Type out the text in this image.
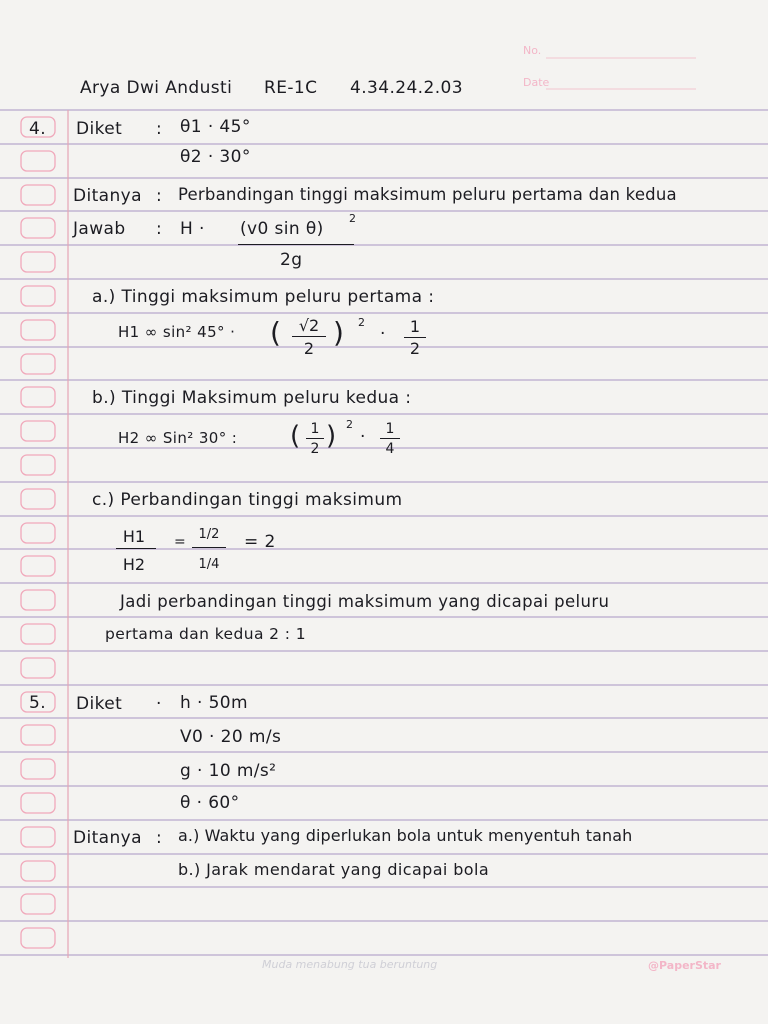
Arya Dwi Andusti RE-1C 4.34.24.2.03
No.
Date
4. Diket : θ1 · 45°
θ2 · 30°
Ditanya : Perbandingan tinggi maksimum peluru pertama dan kedua
Jawab : H · (v0 sin θ)
2
2g
a.) Tinggi maksimum peluru pertama :
H1 ∞ sin² 45° · (	√2
2 ) 2
·	1
2
b.) Tinggi Maksimum peluru kedua :
H2 ∞ Sin² 30° : ( 1
2 ) 2
·	1
4
c.) Perbandingan tinggi maksimum
H1
H2
= 1/2
1/4
= 2
Jadi perbandingan tinggi maksimum yang dicapai peluru
pertama dan kedua 2 : 1
5. Diket · h · 50m
V0 · 20 m/s
g · 10 m/s²
θ · 60°
Ditanya : a.) Waktu yang diperlukan bola untuk menyentuh tanah
b.) Jarak mendarat yang dicapai bola
Muda menabung tua beruntung	@PaperStar
